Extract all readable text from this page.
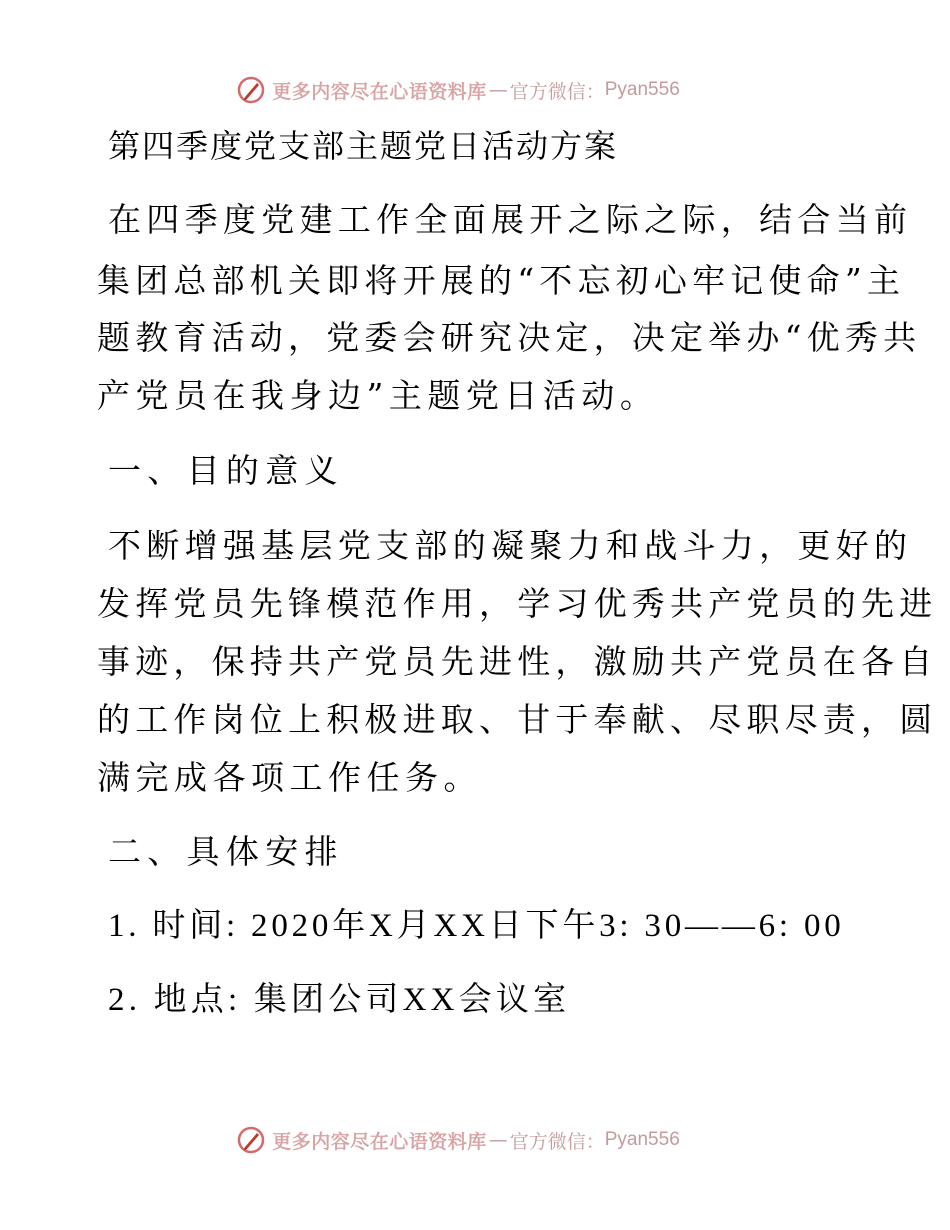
更多内容尽在心语资料库 — 官方微信： Pyan556
第四季度党支部主题党日活动方案
在四季度党建工作全面展开之际之际，结合当前
集团总部机关即将开展的“不忘初心牢记使命”主
题教育活动，党委会研究决定，决定举办“优秀共
产党员在我身边”主题党日活动。
一、目的意义
不断增强基层党支部的凝聚力和战斗力，更好的
发挥党员先锋模范作用，学习优秀共产党员的先进
事迹，保持共产党员先进性，激励共产党员在各自
的工作岗位上积极进取、甘于奉献、尽职尽责，圆
满完成各项工作任务。
二、具体安排
1. 时间: 2020年X月XX日下午3: 30——6: 00
2. 地点: 集团公司XX会议室
更多内容尽在心语资料库 — 官方微信： Pyan556
